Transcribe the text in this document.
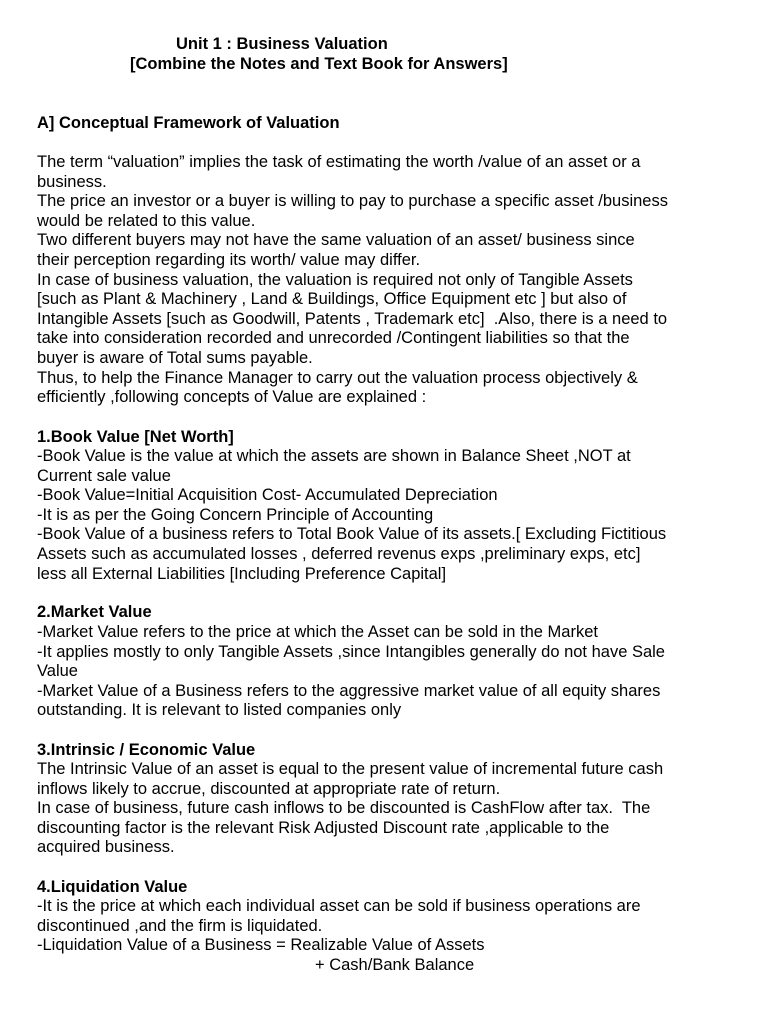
Unit 1 : Business Valuation
[Combine the Notes and Text Book for Answers]
A] Conceptual Framework of Valuation
The term “valuation” implies the task of estimating the worth /value of an asset or a
business.
The price an investor or a buyer is willing to pay to purchase a specific asset /business
would be related to this value.
Two different buyers may not have the same valuation of an asset/ business since
their perception regarding its worth/ value may differ.
In case of business valuation, the valuation is required not only of Tangible Assets
[such as Plant & Machinery , Land & Buildings, Office Equipment etc ] but also of
Intangible Assets [such as Goodwill, Patents , Trademark etc]  .Also, there is a need to
take into consideration recorded and unrecorded /Contingent liabilities so that the
buyer is aware of Total sums payable.
Thus, to help the Finance Manager to carry out the valuation process objectively &
efficiently ,following concepts of Value are explained :
1.Book Value [Net Worth]
-Book Value is the value at which the assets are shown in Balance Sheet ,NOT at
Current sale value
-Book Value=Initial Acquisition Cost- Accumulated Depreciation
-It is as per the Going Concern Principle of Accounting
-Book Value of a business refers to Total Book Value of its assets.[ Excluding Fictitious
Assets such as accumulated losses , deferred revenus exps ,preliminary exps, etc]
less all External Liabilities [Including Preference Capital]
2.Market Value
-Market Value refers to the price at which the Asset can be sold in the Market
-It applies mostly to only Tangible Assets ,since Intangibles generally do not have Sale
Value
-Market Value of a Business refers to the aggressive market value of all equity shares
outstanding. It is relevant to listed companies only
3.Intrinsic / Economic Value
The Intrinsic Value of an asset is equal to the present value of incremental future cash
inflows likely to accrue, discounted at appropriate rate of return.
In case of business, future cash inflows to be discounted is CashFlow after tax.  The
discounting factor is the relevant Risk Adjusted Discount rate ,applicable to the
acquired business.
4.Liquidation Value
-It is the price at which each individual asset can be sold if business operations are
discontinued ,and the firm is liquidated.
-Liquidation Value of a Business = Realizable Value of Assets
+ Cash/Bank Balance
